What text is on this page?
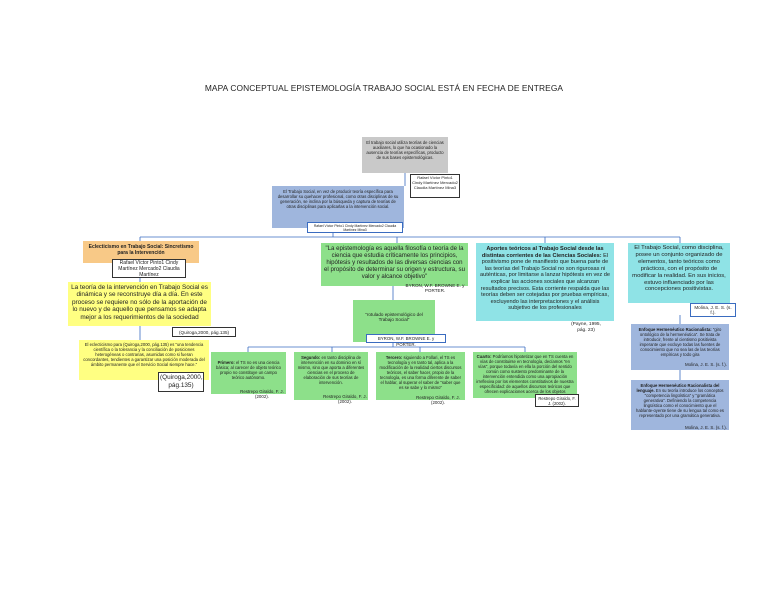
MAPA CONCEPTUAL EPISTEMOLOGÍA TRABAJO SOCIAL ESTÁ EN FECHA DE ENTREGA
El trabajo social utiliza teorías de ciencias auxiliares, lo que ha ocasionado la ausencia de teorías específicas, producto de sus bases epistemológicas.
Rafael Víctor Pinto1 Cindy Martínez Mercado2 Claudia Martínez Mina3
El Trabajo Social, en vez de producir teoría específica para desarrollar su quehacer profesional, como otras disciplinas de su generación, se inclina por la búsqueda y captura de teorías de otras disciplinas para aplicarlas a la intervención social.
Rafael Víctor Pinto1 Cindy Martínez Mercado2 Claudia Martínez Mina3
Eclecticismo en Trabajo Social: Sincretismo para la Intervención
Rafael Víctor Pinto1 Cindy Martínez Mercado2 Claudia Martínez
La teoría de la intervención en Trabajo Social es dinámica y se reconstruye día a día. En este proceso se requiere no sólo de la aportación de lo nuevo y de aquello que pensamos se adapta mejor a los requerimientos de la sociedad
(Quiroga,2000, pág.135)
El eclecticismo para (Quiroga,2000, pág.135) es "una tendencia científica o la tolerancia y la conciliación de posiciones heterogéneas o contrarias, asumidas como si fueran concordantes, tendientes a garantizar una posición moderada del ámbito permanente que el Servicio Social siempre hace."
(Quiroga,2000, pág.135)
"La epistemología es aquella filosofía o teoría de la ciencia que estudia críticamente los principios, hipótesis y resultados de las diversas ciencias con el propósito de determinar su origen y estructura, su valor y alcance objetivo"
BYRON, W.F. BROWNE E. y PORTER.
"rotulado epistemológico del Trabajo Social"
BYRON, W.F. BROWNE E. y PORTER.
Aportes teóricos al Trabajo Social desde las distintas corrientes de las Ciencias Sociales: El positivismo pone de manifiesto que buena parte de las teorías del Trabajo Social no son rigurosas ni auténticas, por limitarse a lanzar hipótesis en vez de explicar las acciones sociales que alcanzan resultados precisos. Esta corriente respalda que las teorías deben ser cotejadas por pruebas empíricas, excluyendo las interpretaciones y el análisis subjetivo de los profesionales
(Payne, 1995, pág. 23)
El Trabajo Social, como disciplina, posee un conjunto organizado de elementos, tanto teóricos como prácticos, con el propósito de modificar la realidad. En sus inicios, estuvo influenciado por las concepciones positivistas.
Molina, J. E. S. (s. f.).
Enfoque Hermenéutico Racionalista: "giro ontológico de la hermenéutica". Se trata de introducir, frente al cientismo positivista imperante que excluye todas las fuentes de conocimiento que no sea las de las teorías empíricas y todo gira
Molina, J. E. S. (s. f.).
Enfoque Hermenéutico Racionalista del lenguaje. En su teoría introduce los conceptos "competencia lingüística" y "gramática generativa". Definiendo la competencia lingüística como el conocimiento que el hablante-oyente tiene de su lengua tal como es representado por una gramática generativa.
Molina, J. E. S. (s. f.).
Primero: el TS no es una ciencia básica; al carecer de objeto teórico propio no constituye un campo teórico autónomo.
Restrepo Giraldo, F. J. (2002).
Segundo: en tanto disciplina de intervención en su dominio en sí mismo, sino que aporta a diferentes ciencias en el proceso de elaboración de sus teorías de intervención.
Restrepo Giraldo, F. J. (2002).
Tercero: siguiendo a Follari, el TS es tecnología y en tanto tal, aplica a la modificación de la realidad ciertos discursos teóricos, el saber hacer, propio de la tecnología, es una forma diferente de saber el hablar, al superar el saber de "saber que es se sabe y lo mismo"
Restrepo Giraldo, F. J. (2002).
Cuarto: Podríamos hipotetizar que en TS cuenta en vías de constituirse en tecnología, decíamos "en vías", porque todavía en ella la porción del sentido común como sustento predominante de la intervención entendida como una apropiación irreflexiva por los elementos constitutivos de nuestra especificidad: de aquellos discursos teóricos que ofrecen explicaciones acerca de los objetos
Restrepo Giraldo, F. J. (2002).
